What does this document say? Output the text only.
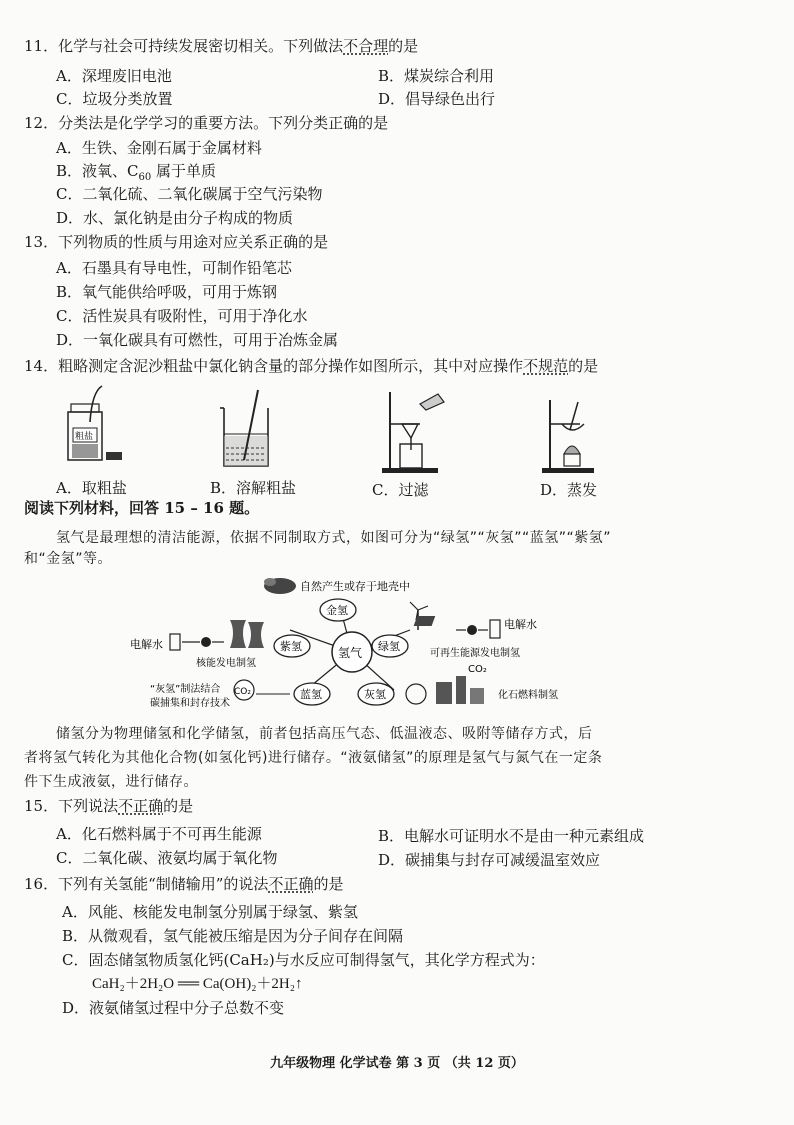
11．化学与社会可持续发展密切相关。下列做法不合理的是
A．深埋废旧电池	B．煤炭综合利用
C．垃圾分类放置	D．倡导绿色出行
12．分类法是化学学习的重要方法。下列分类正确的是
A．生铁、金刚石属于金属材料
B．液氧、$C_{60}$ 属于单质
C．二氧化硫、二氧化碳属于空气污染物
D．水、氯化钠是由分子构成的物质
13．下列物质的性质与用途对应关系正确的是
A．石墨具有导电性，可制作铅笔芯
B．氧气能供给呼吸，可用于炼钢
C．活性炭具有吸附性，可用于净化水
D．一氧化碳具有可燃性，可用于冶炼金属
14．粗略测定含泥沙粗盐中氯化钠含量的部分操作如图所示，其中对应操作不规范的是
粗盐
A．取粗盐	B．溶解粗盐	C．过滤	D．蒸发
阅读下列材料，回答 15 – 16 题。
氢气是最理想的清洁能源，依据不同制取方式，如图可分为“绿氢”“灰氢”“蓝氢”“紫氢”
和“金氢”等。
氢气
金氢
紫氢	绿氢
蓝氢	灰氢
自然产生或存于地壳中
电解水
核能发电制氢
电解水
可再生能源发电制氢
“灰氢”制法结合
碳捕集和封存技术
CO₂
CO₂
化石燃料制氢
储氢分为物理储氢和化学储氢，前者包括高压气态、低温液态、吸附等储存方式，后
者将氢气转化为其他化合物(如氢化钙)进行储存。“液氨储氢”的原理是氢气与氮气在一定条
件下生成液氨，进行储存。
15．下列说法不正确的是
A．化石燃料属于不可再生能源	B．电解水可证明水不是由一种元素组成
C．二氧化碳、液氨均属于氧化物	D．碳捕集与封存可减缓温室效应
16．下列有关氢能“制储输用”的说法不正确的是
A．风能、核能发电制氢分别属于绿氢、紫氢
B．从微观看，氢气能被压缩是因为分子间存在间隔
C．固态储氢物质氢化钙(CaH₂)与水反应可制得氢气，其化学方程式为：
CaH₂＋2H₂O ══ Ca(OH)₂＋2H₂↑
D．液氨储氢过程中分子总数不变
九年级物理 化学试卷 第 3 页 （共 12 页）
